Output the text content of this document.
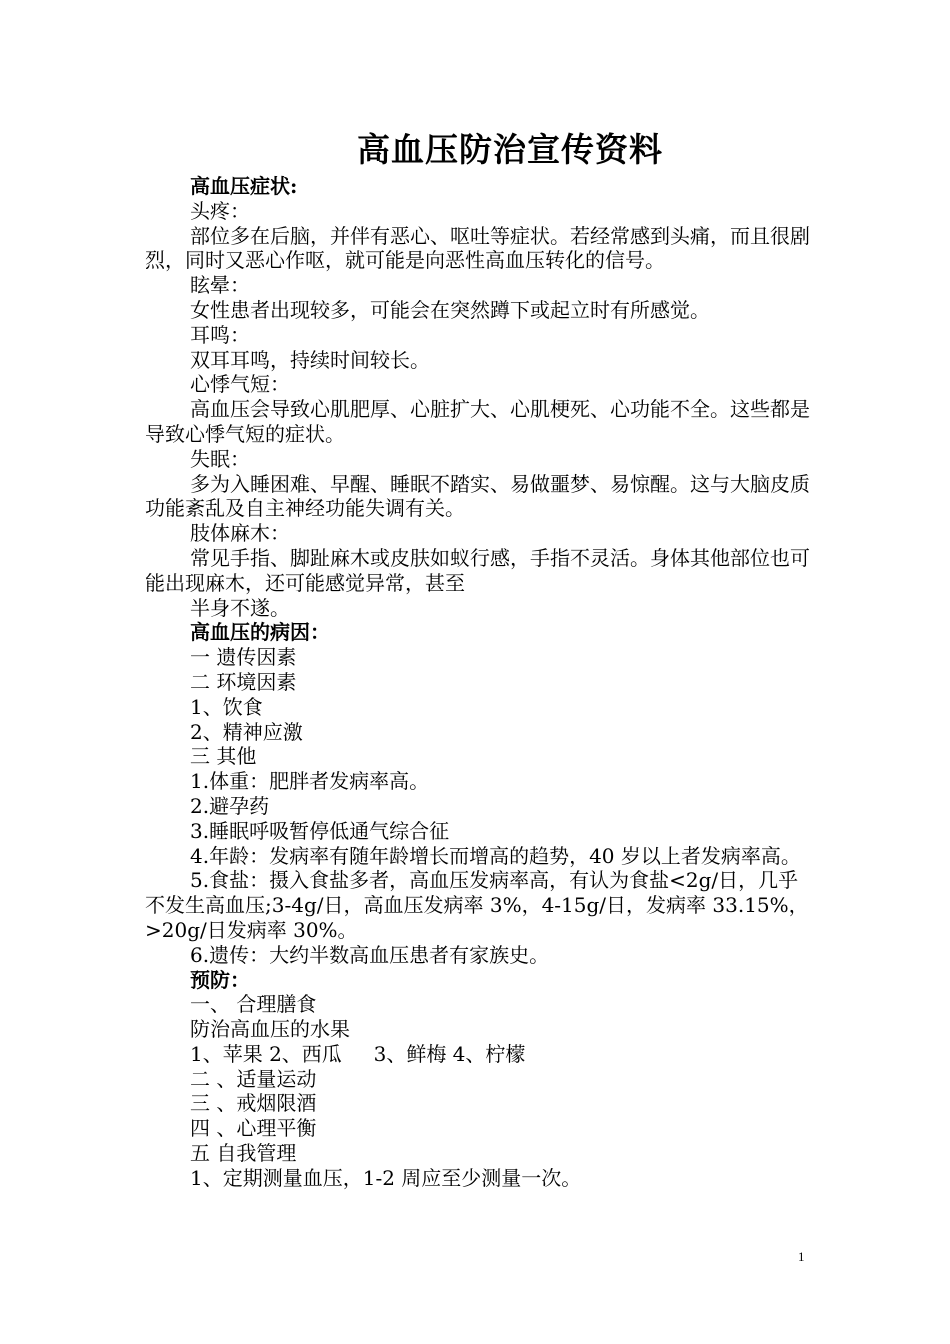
高血压防治宣传资料

高血压症状:

头疼：

部位多在后脑，并伴有恶心、呕吐等症状。若经常感到头痛，而且很剧烈，同时又恶心作呕，就可能是向恶性高血压转化的信号。

眩晕：

女性患者出现较多，可能会在突然蹲下或起立时有所感觉。

耳鸣：

双耳耳鸣，持续时间较长。

心悸气短：

高血压会导致心肌肥厚、心脏扩大、心肌梗死、心功能不全。这些都是导致心悸气短的症状。

失眠：

多为入睡困难、早醒、睡眠不踏实、易做噩梦、易惊醒。这与大脑皮质功能紊乱及自主神经功能失调有关。

肢体麻木：

常见手指、脚趾麻木或皮肤如蚁行感，手指不灵活。身体其他部位也可能出现麻木，还可能感觉异常，甚至

半身不遂。

高血压的病因：

一 遗传因素

二 环境因素

1、饮食

2、精神应激

三 其他

1.体重：肥胖者发病率高。

2.避孕药

3.睡眠呼吸暂停低通气综合征

4.年龄：发病率有随年龄增长而增高的趋势，40 岁以上者发病率高。

5.食盐：摄入食盐多者，高血压发病率高，有认为食盐<2g/日，几乎不发生高血压;3-4g/日，高血压发病率 3%，4-15g/日，发病率 33.15%，>20g/日发病率 30%。

6.遗传：大约半数高血压患者有家族史。

预防：

一、 合理膳食

防治高血压的水果

1、苹果 2、西瓜     3、鲜梅 4、柠檬

二 、适量运动

三 、戒烟限酒

四 、心理平衡

五 自我管理

1、定期测量血压，1-2 周应至少测量一次。

1
